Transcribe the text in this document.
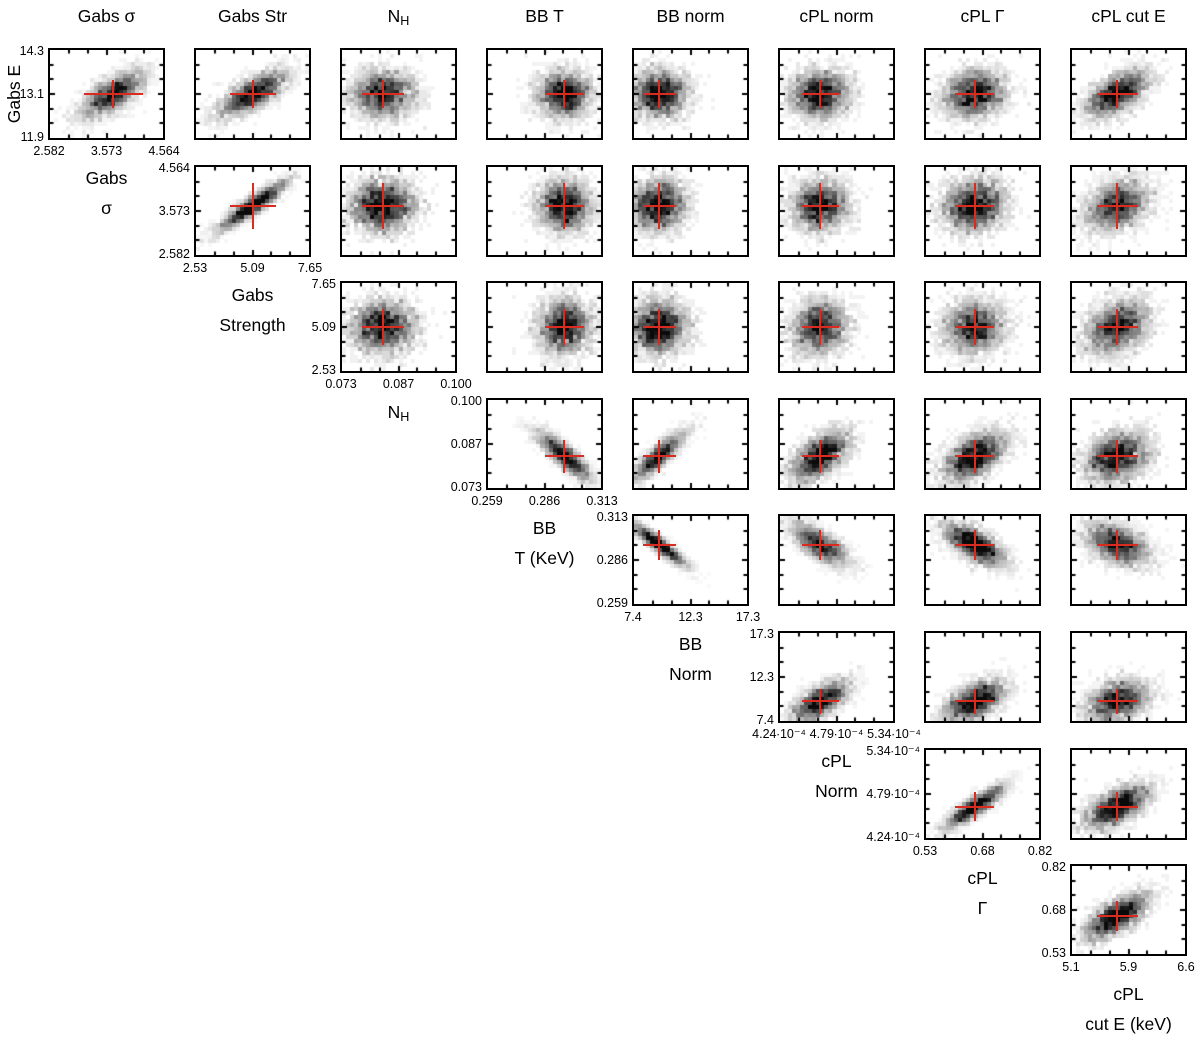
Gabs σ	Gabs Str	$N_H$	BB T	BB norm	cPL norm	cPL Γ	cPL cut E
Gabs E
11.9
13.1
14.3
2.582	3.573	4.564
Gabs
σ
2.582
3.573
4.564
2.53	5.09	7.65
Gabs
Strength
2.53
5.09
7.65
0.073	0.087	0.100
$N_H$
0.073
0.087
0.100
0.259	0.286	0.313
BB
T (KeV)
0.259
0.286
0.313
7.4	12.3	17.3
BB
Norm
7.4
12.3
17.3
4.24∙10⁻⁴ 4.79∙10⁻⁴ 5.34∙10⁻⁴
cPL
Norm
4.24∙10⁻⁴
4.79∙10⁻⁴
5.34∙10⁻⁴
0.53	0.68	0.82
cPL
Γ
0.53
0.68
0.82
5.1	5.9	6.6
cPL
cut E (keV)
